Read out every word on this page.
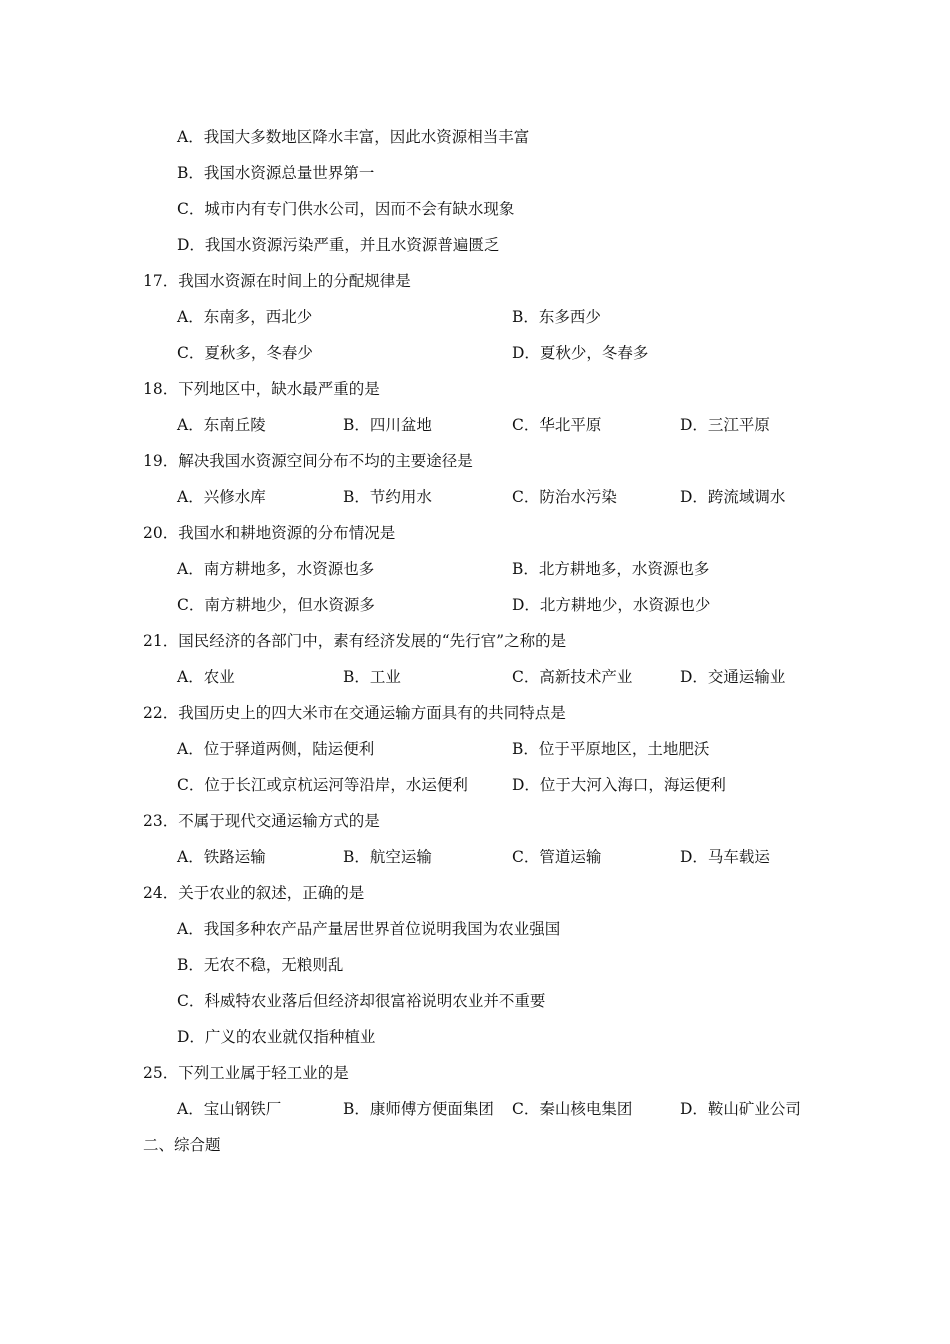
A．我国大多数地区降水丰富，因此水资源相当丰富
B．我国水资源总量世界第一
C．城市内有专门供水公司，因而不会有缺水现象
D．我国水资源污染严重，并且水资源普遍匮乏
17．我国水资源在时间上的分配规律是
A．东南多，西北少	B．东多西少
C．夏秋多，冬春少	D．夏秋少，冬春多
18．下列地区中，缺水最严重的是
A．东南丘陵	B．四川盆地	C．华北平原	D．三江平原
19．解决我国水资源空间分布不均的主要途径是
A．兴修水库	B．节约用水	C．防治水污染	D．跨流域调水
20．我国水和耕地资源的分布情况是
A．南方耕地多，水资源也多	B．北方耕地多，水资源也多
C．南方耕地少，但水资源多	D．北方耕地少，水资源也少
21．国民经济的各部门中，素有经济发展的“先行官”之称的是
A．农业	B．工业	C．高新技术产业	D．交通运输业
22．我国历史上的四大米市在交通运输方面具有的共同特点是
A．位于驿道两侧，陆运便利	B．位于平原地区，土地肥沃
C．位于长江或京杭运河等沿岸，水运便利	D．位于大河入海口，海运便利
23．不属于现代交通运输方式的是
A．铁路运输	B．航空运输	C．管道运输	D．马车载运
24．关于农业的叙述，正确的是
A．我国多种农产品产量居世界首位说明我国为农业强国
B．无农不稳，无粮则乱
C．科威特农业落后但经济却很富裕说明农业并不重要
D．广义的农业就仅指种植业
25．下列工业属于轻工业的是
A．宝山钢铁厂	B．康师傅方便面集团 C．秦山核电集团	D．鞍山矿业公司
二、综合题
